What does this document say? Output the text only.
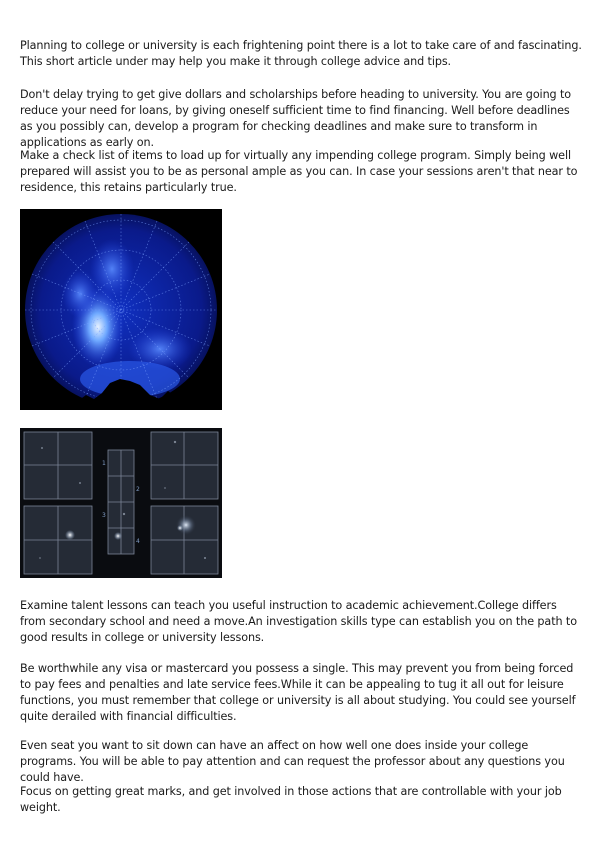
Planning to college or university is each frightening point there is a lot to take care of and fascinating. This short article under may help you make it through college advice and tips.

Don't delay trying to get give dollars and scholarships before heading to university. You are going to reduce your need for loans, by giving oneself sufficient time to find financing. Well before deadlines as you possibly can, develop a program for checking deadlines and make sure to transform in applications as early on.

Make a check list of items to load up for virtually any impending college program. Simply being well prepared will assist you to be as personal ample as you can. In case your sessions aren't that near to residence, this retains particularly true.

1
2
3
4

Examine talent lessons can teach you useful instruction to academic achievement.College differs from secondary school and need a move.An investigation skills type can establish you on the path to good results in college or university lessons.

Be worthwhile any visa or mastercard you possess a single. This may prevent you from being forced to pay fees and penalties and late service fees.While it can be appealing to tug it all out for leisure functions, you must remember that college or university is all about studying. You could see yourself quite derailed with financial difficulties.

Even seat you want to sit down can have an affect on how well one does inside your college programs. You will be able to pay attention and can request the professor about any questions you could have.

Focus on getting great marks, and get involved in those actions that are controllable with your job weight.
